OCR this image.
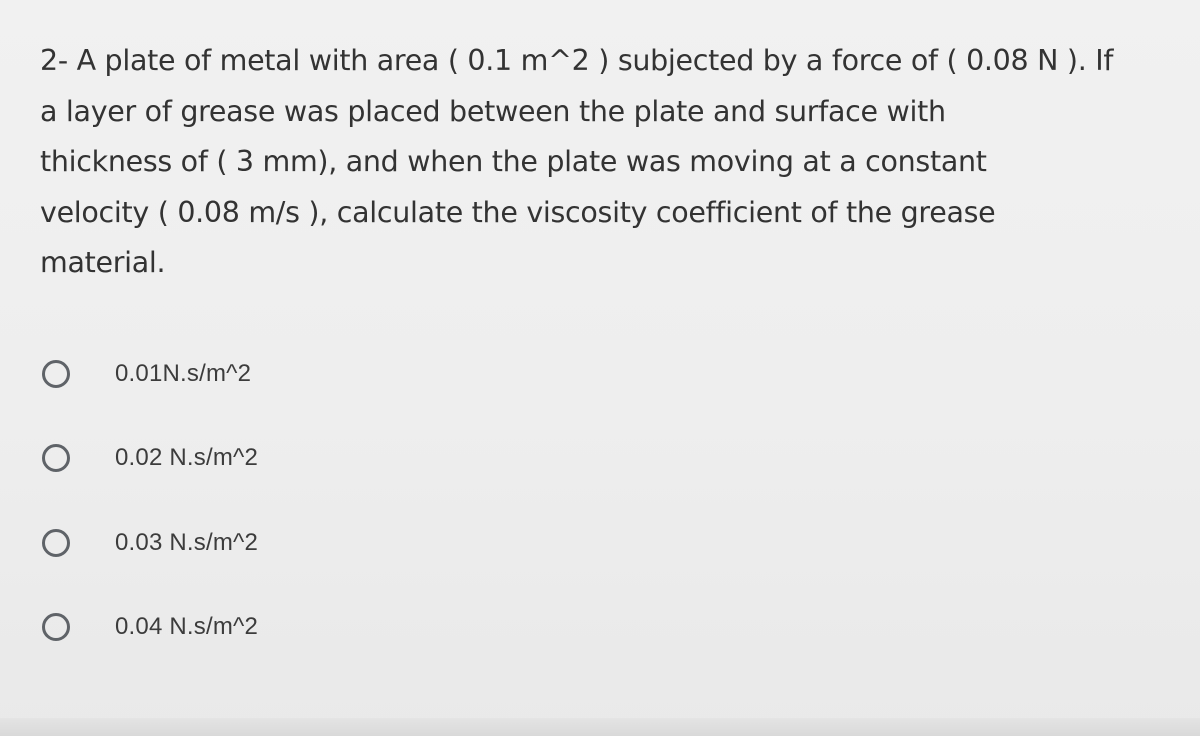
2- A plate of metal with area ( 0.1 m^2 ) subjected by a force of ( 0.08 N ). If
a layer of grease was placed between the plate and surface with
thickness of ( 3 mm), and when the plate was moving at a constant
velocity ( 0.08 m/s ), calculate the viscosity coefficient of the grease
material.
0.01N.s/m^2
0.02 N.s/m^2
0.03 N.s/m^2
0.04 N.s/m^2
